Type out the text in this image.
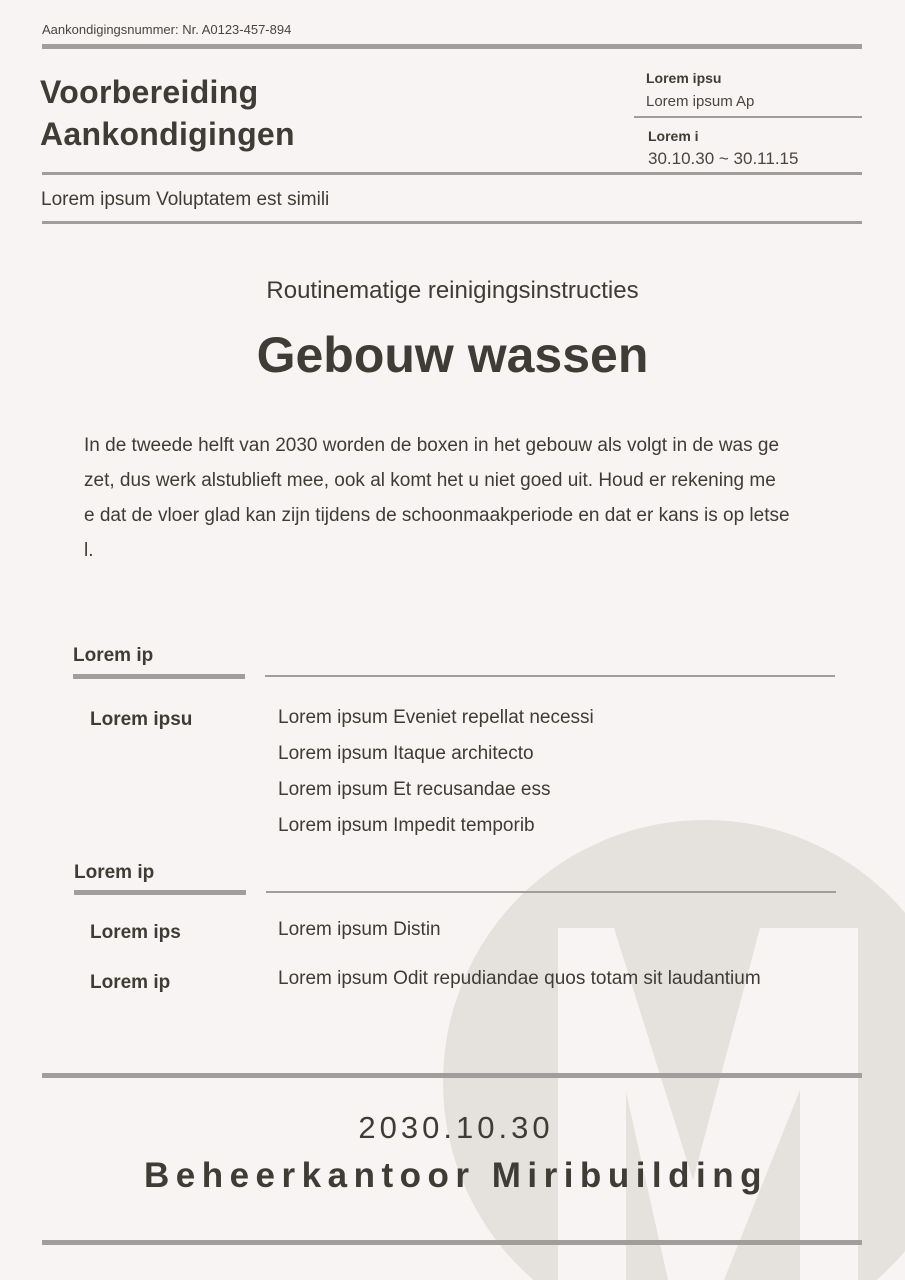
Aankondigingsnummer: Nr. A0123-457-894
Voorbereiding
Aankondigingen
Lorem ipsu
Lorem ipsum Ap
Lorem i
30.10.30 ~ 30.11.15
Lorem ipsum Voluptatem est simili
Routinematige reinigingsinstructies
Gebouw wassen
In de tweede helft van 2030 worden de boxen in het gebouw als volgt in de was ge
zet, dus werk alstublieft mee, ook al komt het u niet goed uit. Houd er rekening me
e dat de vloer glad kan zijn tijdens de schoonmaakperiode en dat er kans is op letse
l.
Lorem ip
Lorem ipsu	Lorem ipsum Eveniet repellat necessi
Lorem ipsum Itaque architecto
Lorem ipsum Et recusandae ess
Lorem ipsum Impedit temporib
Lorem ip
Lorem ips	Lorem ipsum Distin
Lorem ip	Lorem ipsum Odit repudiandae quos totam sit laudantium
2030.10.30
Beheerkantoor Miribuilding
